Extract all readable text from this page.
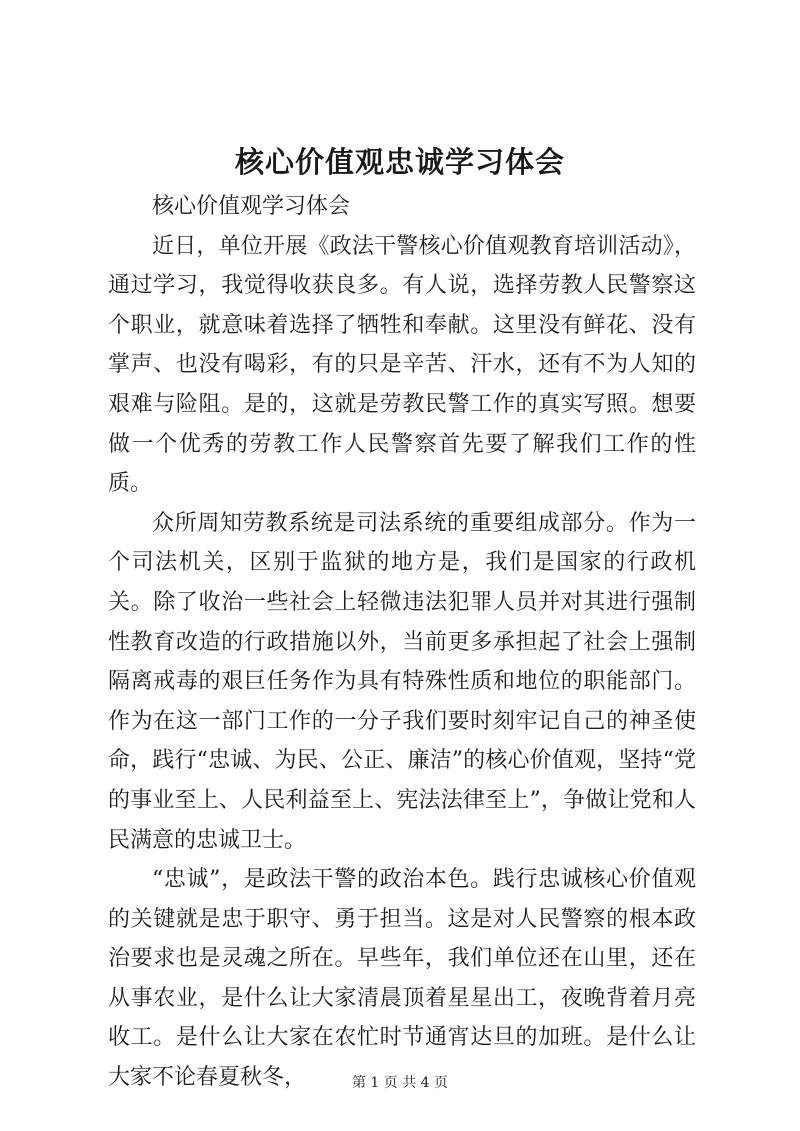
核心价值观忠诚学习体会

核心价值观学习体会

近日，单位开展《政法干警核心价值观教育培训活动》，通过学习，我觉得收获良多。有人说，选择劳教人民警察这个职业，就意味着选择了牺牲和奉献。这里没有鲜花、没有掌声、也没有喝彩，有的只是辛苦、汗水，还有不为人知的艰难与险阻。是的，这就是劳教民警工作的真实写照。想要做一个优秀的劳教工作人民警察首先要了解我们工作的性质。

众所周知劳教系统是司法系统的重要组成部分。作为一个司法机关，区别于监狱的地方是，我们是国家的行政机关。除了收治一些社会上轻微违法犯罪人员并对其进行强制性教育改造的行政措施以外，当前更多承担起了社会上强制隔离戒毒的艰巨任务作为具有特殊性质和地位的职能部门。作为在这一部门工作的一分子我们要时刻牢记自己的神圣使命，践行“忠诚、为民、公正、廉洁”的核心价值观，坚持“党的事业至上、人民利益至上、宪法法律至上”，争做让党和人民满意的忠诚卫士。

“忠诚”，是政法干警的政治本色。践行忠诚核心价值观的关键就是忠于职守、勇于担当。这是对人民警察的根本政治要求也是灵魂之所在。早些年，我们单位还在山里，还在从事农业，是什么让大家清晨顶着星星出工，夜晚背着月亮收工。是什么让大家在农忙时节通宵达旦的加班。是什么让大家不论春夏秋冬，	第 1 页 共 4 页
